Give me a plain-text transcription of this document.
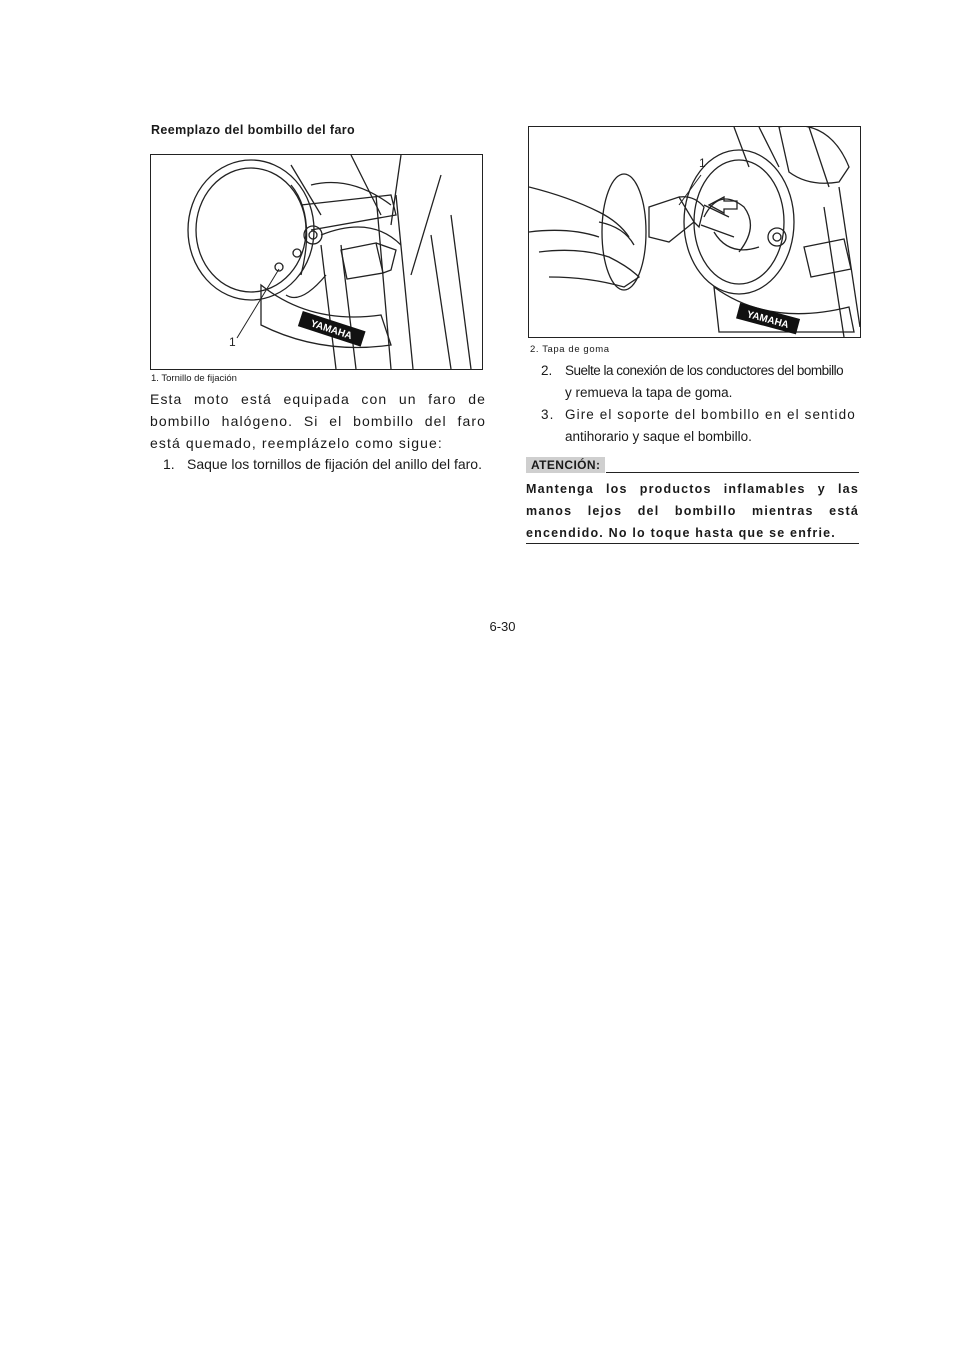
Reemplazo del bombillo del faro
YAMAHA
1
1. Tornillo de fijación
YAMAHA
1
2. Tapa de goma
Esta moto está equipada con un faro de bombillo halógeno. Si el bombillo del faro está quemado, reemplázelo como sigue:
1. Saque los tornillos de fijación del anillo del faro.
2. Suelte la conexión de los conductores del bombillo
y remueva la tapa de goma.
3. Gire el soporte del bombillo en el sentido
antihorario y saque el bombillo.
ATENCIÓN:
Mantenga los productos inflamables y las manos lejos del bombillo mientras está encendido. No lo toque hasta que se enfrie.
6-30
